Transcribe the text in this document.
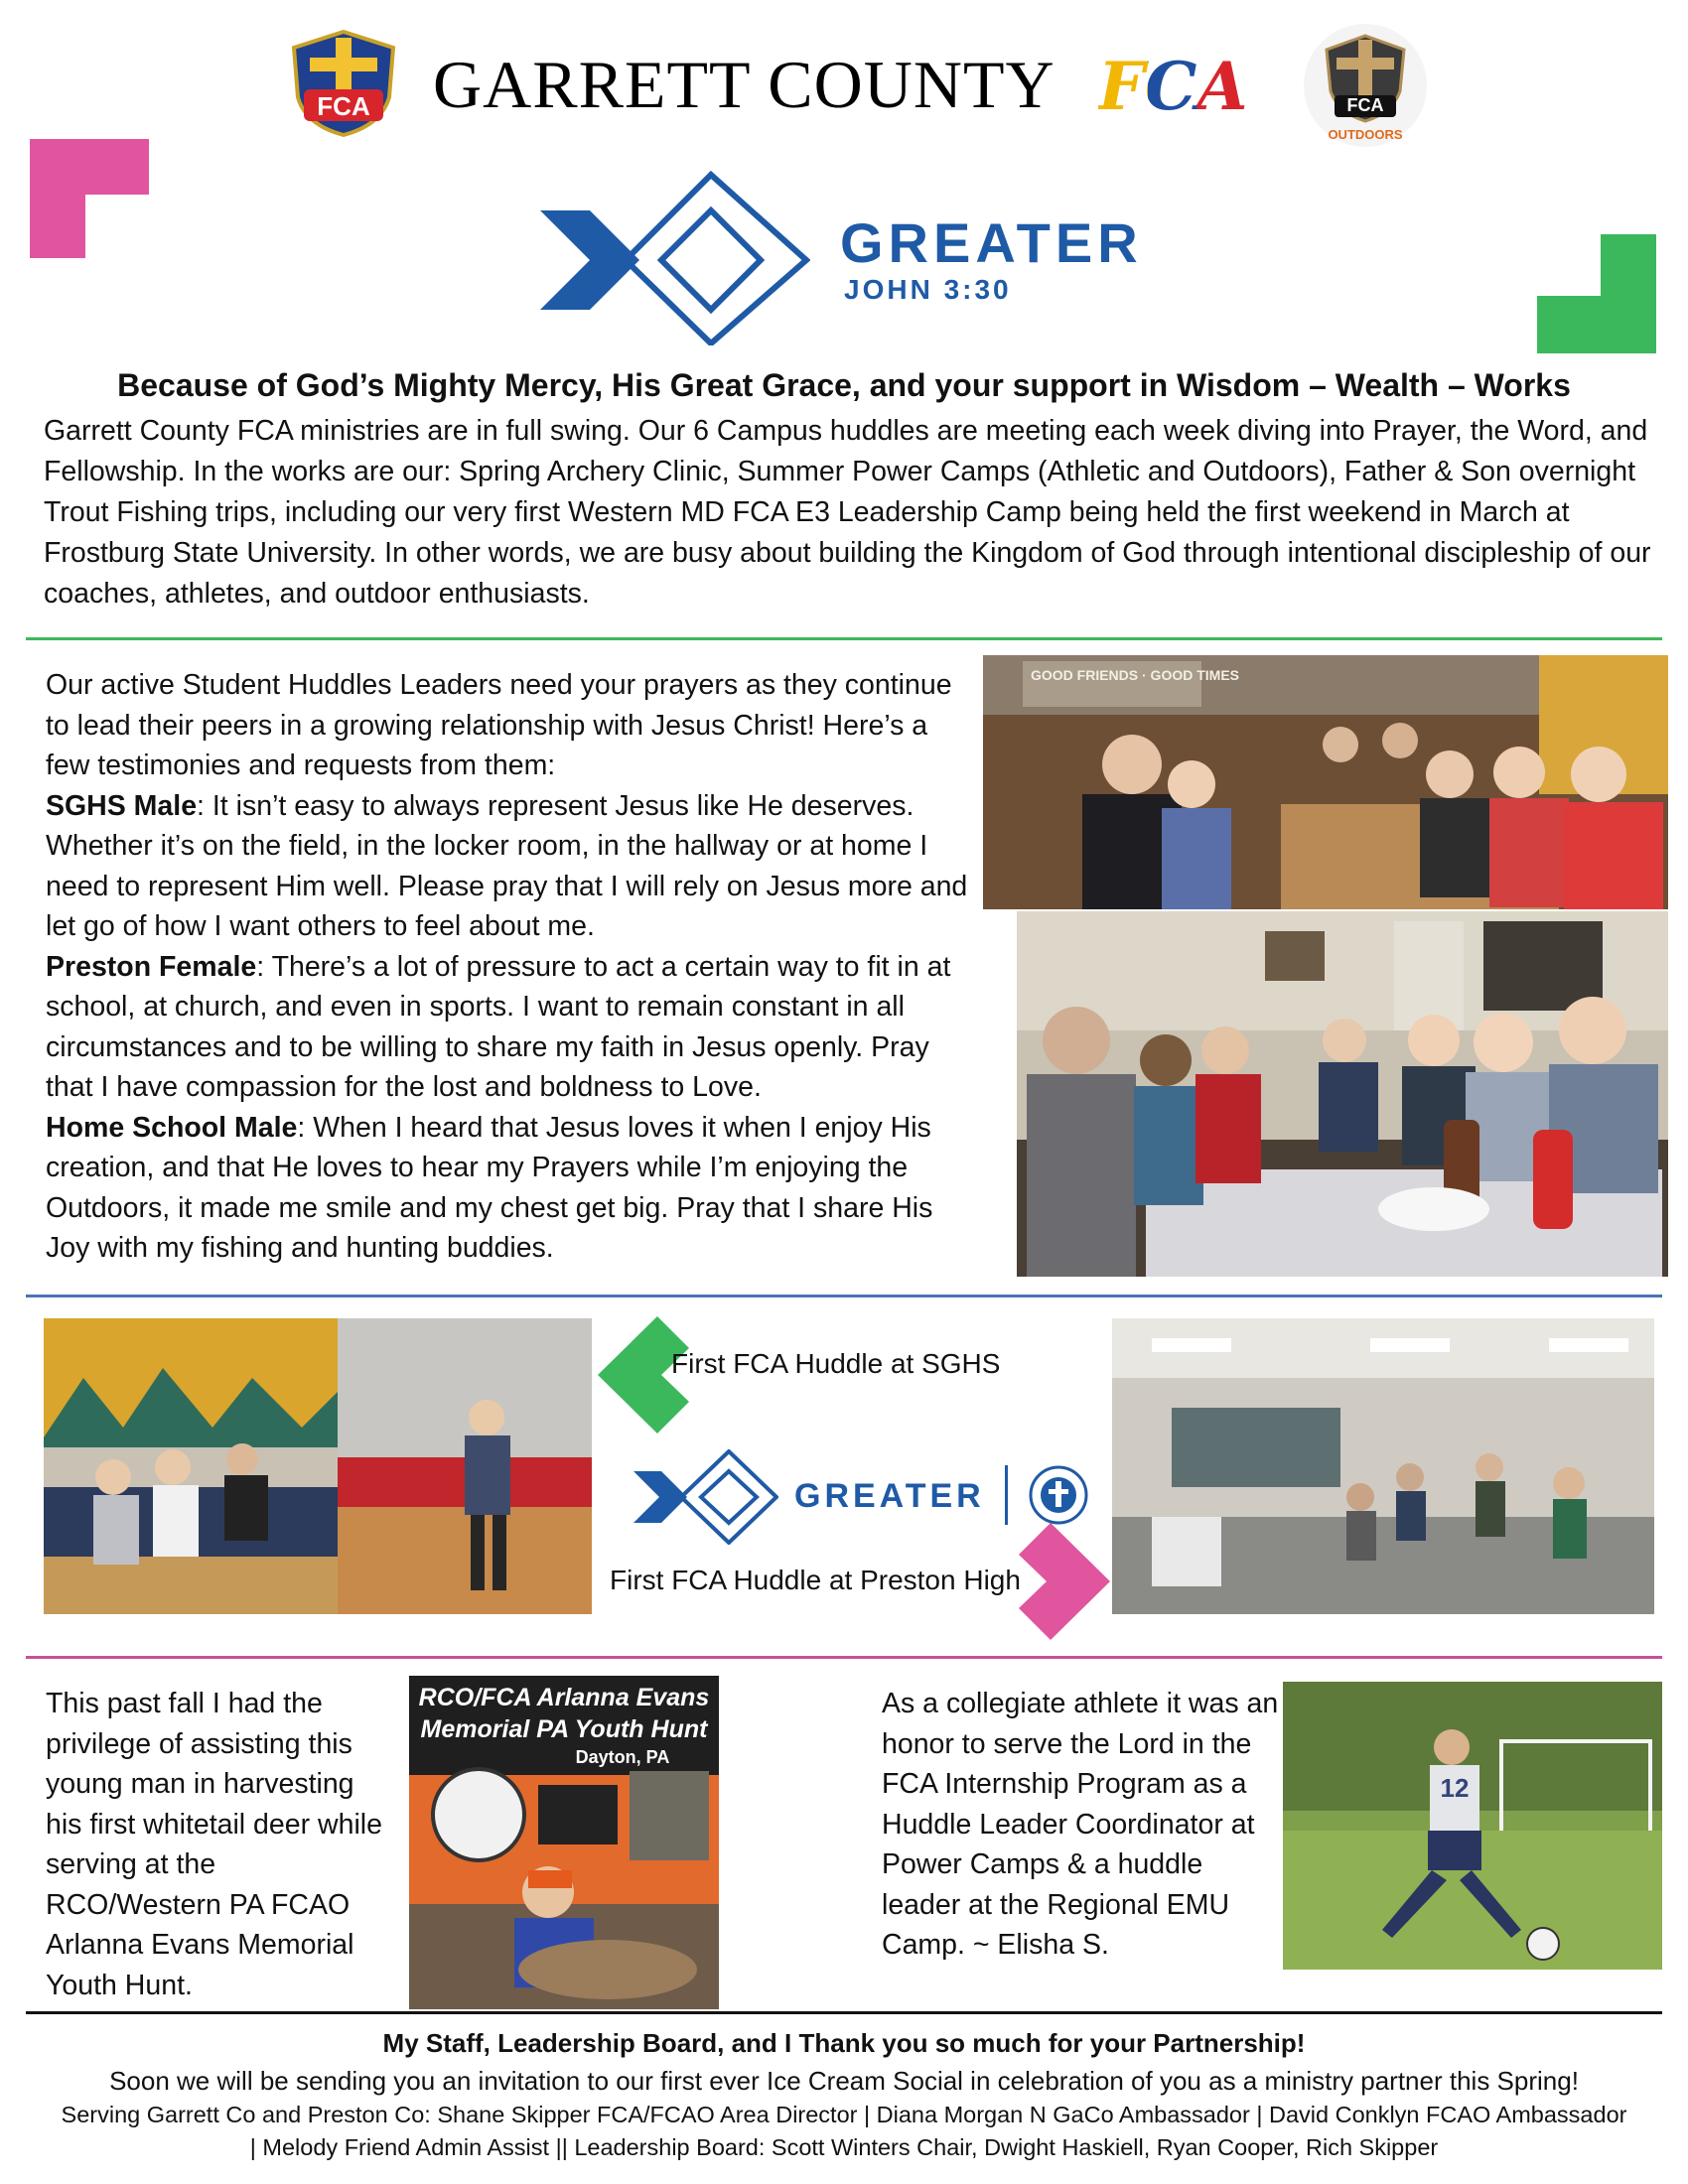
FCA GARRETT COUNTY FCA	FCA
OUTDOORS
GREATER
JOHN 3:30
Because of God’s Mighty Mercy, His Great Grace, and your support in Wisdom – Wealth – Works
Garrett County FCA ministries are in full swing. Our 6 Campus huddles are meeting each week diving into Prayer, the Word, and Fellowship. In the works are our: Spring Archery Clinic, Summer Power Camps (Athletic and Outdoors), Father & Son overnight Trout Fishing trips, including our very first Western MD FCA E3 Leadership Camp being held the first weekend in March at Frostburg State University. In other words, we are busy about building the Kingdom of God through intentional discipleship of our coaches, athletes, and outdoor enthusiasts.
Our active Student Huddles Leaders need your prayers as they continue to lead their peers in a growing relationship with Jesus Christ! Here’s a few testimonies and requests from them:
SGHS Male: It isn’t easy to always represent Jesus like He deserves. Whether it’s on the field, in the locker room, in the hallway or at home I need to represent Him well. Please pray that I will rely on Jesus more and let go of how I want others to feel about me.
Preston Female: There’s a lot of pressure to act a certain way to fit in at school, at church, and even in sports. I want to remain constant in all circumstances and to be willing to share my faith in Jesus openly. Pray that I have compassion for the lost and boldness to Love.
Home School Male: When I heard that Jesus loves it when I enjoy His creation, and that He loves to hear my Prayers while I’m enjoying the Outdoors, it made me smile and my chest get big. Pray that I share His Joy with my fishing and hunting buddies.
GOOD FRIENDS · GOOD TIMES
First FCA Huddle at SGHS
GREATER
First FCA Huddle at Preston High
This past fall I had the privilege of assisting this young man in harvesting his first whitetail deer while serving at the RCO/Western PA FCAO Arlanna Evans Memorial Youth Hunt.
RCO/FCA Arlanna Evans
Memorial PA Youth Hunt
Dayton, PA
As a collegiate athlete it was an honor to serve the Lord in the FCA Internship Program as a Huddle Leader Coordinator at Power Camps & a huddle leader at the Regional EMU Camp. ~ Elisha S.
12
My Staff, Leadership Board, and I Thank you so much for your Partnership!
Soon we will be sending you an invitation to our first ever Ice Cream Social in celebration of you as a ministry partner this Spring!
Serving Garrett Co and Preston Co: Shane Skipper FCA/FCAO Area Director | Diana Morgan N GaCo Ambassador | David Conklyn FCAO Ambassador | Melody Friend Admin Assist || Leadership Board: Scott Winters Chair, Dwight Haskiell, Ryan Cooper, Rich Skipper
